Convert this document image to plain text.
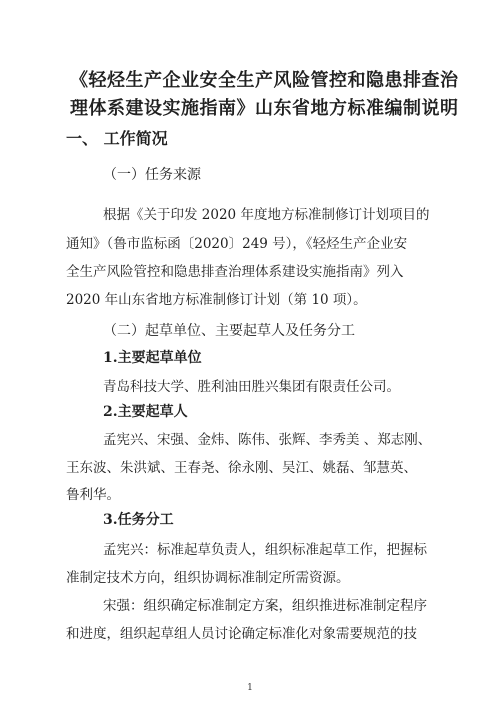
《轻烃生产企业安全生产风险管控和隐患排查治
理体系建设实施指南》山东省地方标准编制说明
一、 工作简况
（一）任务来源
根据《关于印发 2020 年度地方标准制修订计划项目的
通知》（鲁市监标函〔2020〕249 号），《轻烃生产企业安
全生产风险管控和隐患排查治理体系建设实施指南》列入
2020 年山东省地方标准制修订计划（第 10 项）。
（二）起草单位、主要起草人及任务分工
1.主要起草单位
青岛科技大学、胜利油田胜兴集团有限责任公司。
2.主要起草人
孟宪兴、宋强、金炜、陈伟、张辉、李秀美 、郑志刚、
王东波、朱洪斌、王春尧、徐永刚、吴江、姚磊、邹慧英、
鲁利华。
3.任务分工
孟宪兴：标准起草负责人，组织标准起草工作，把握标
准制定技术方向，组织协调标准制定所需资源。
宋强：组织确定标准制定方案，组织推进标准制定程序
和进度，组织起草组人员讨论确定标准化对象需要规范的技
1
